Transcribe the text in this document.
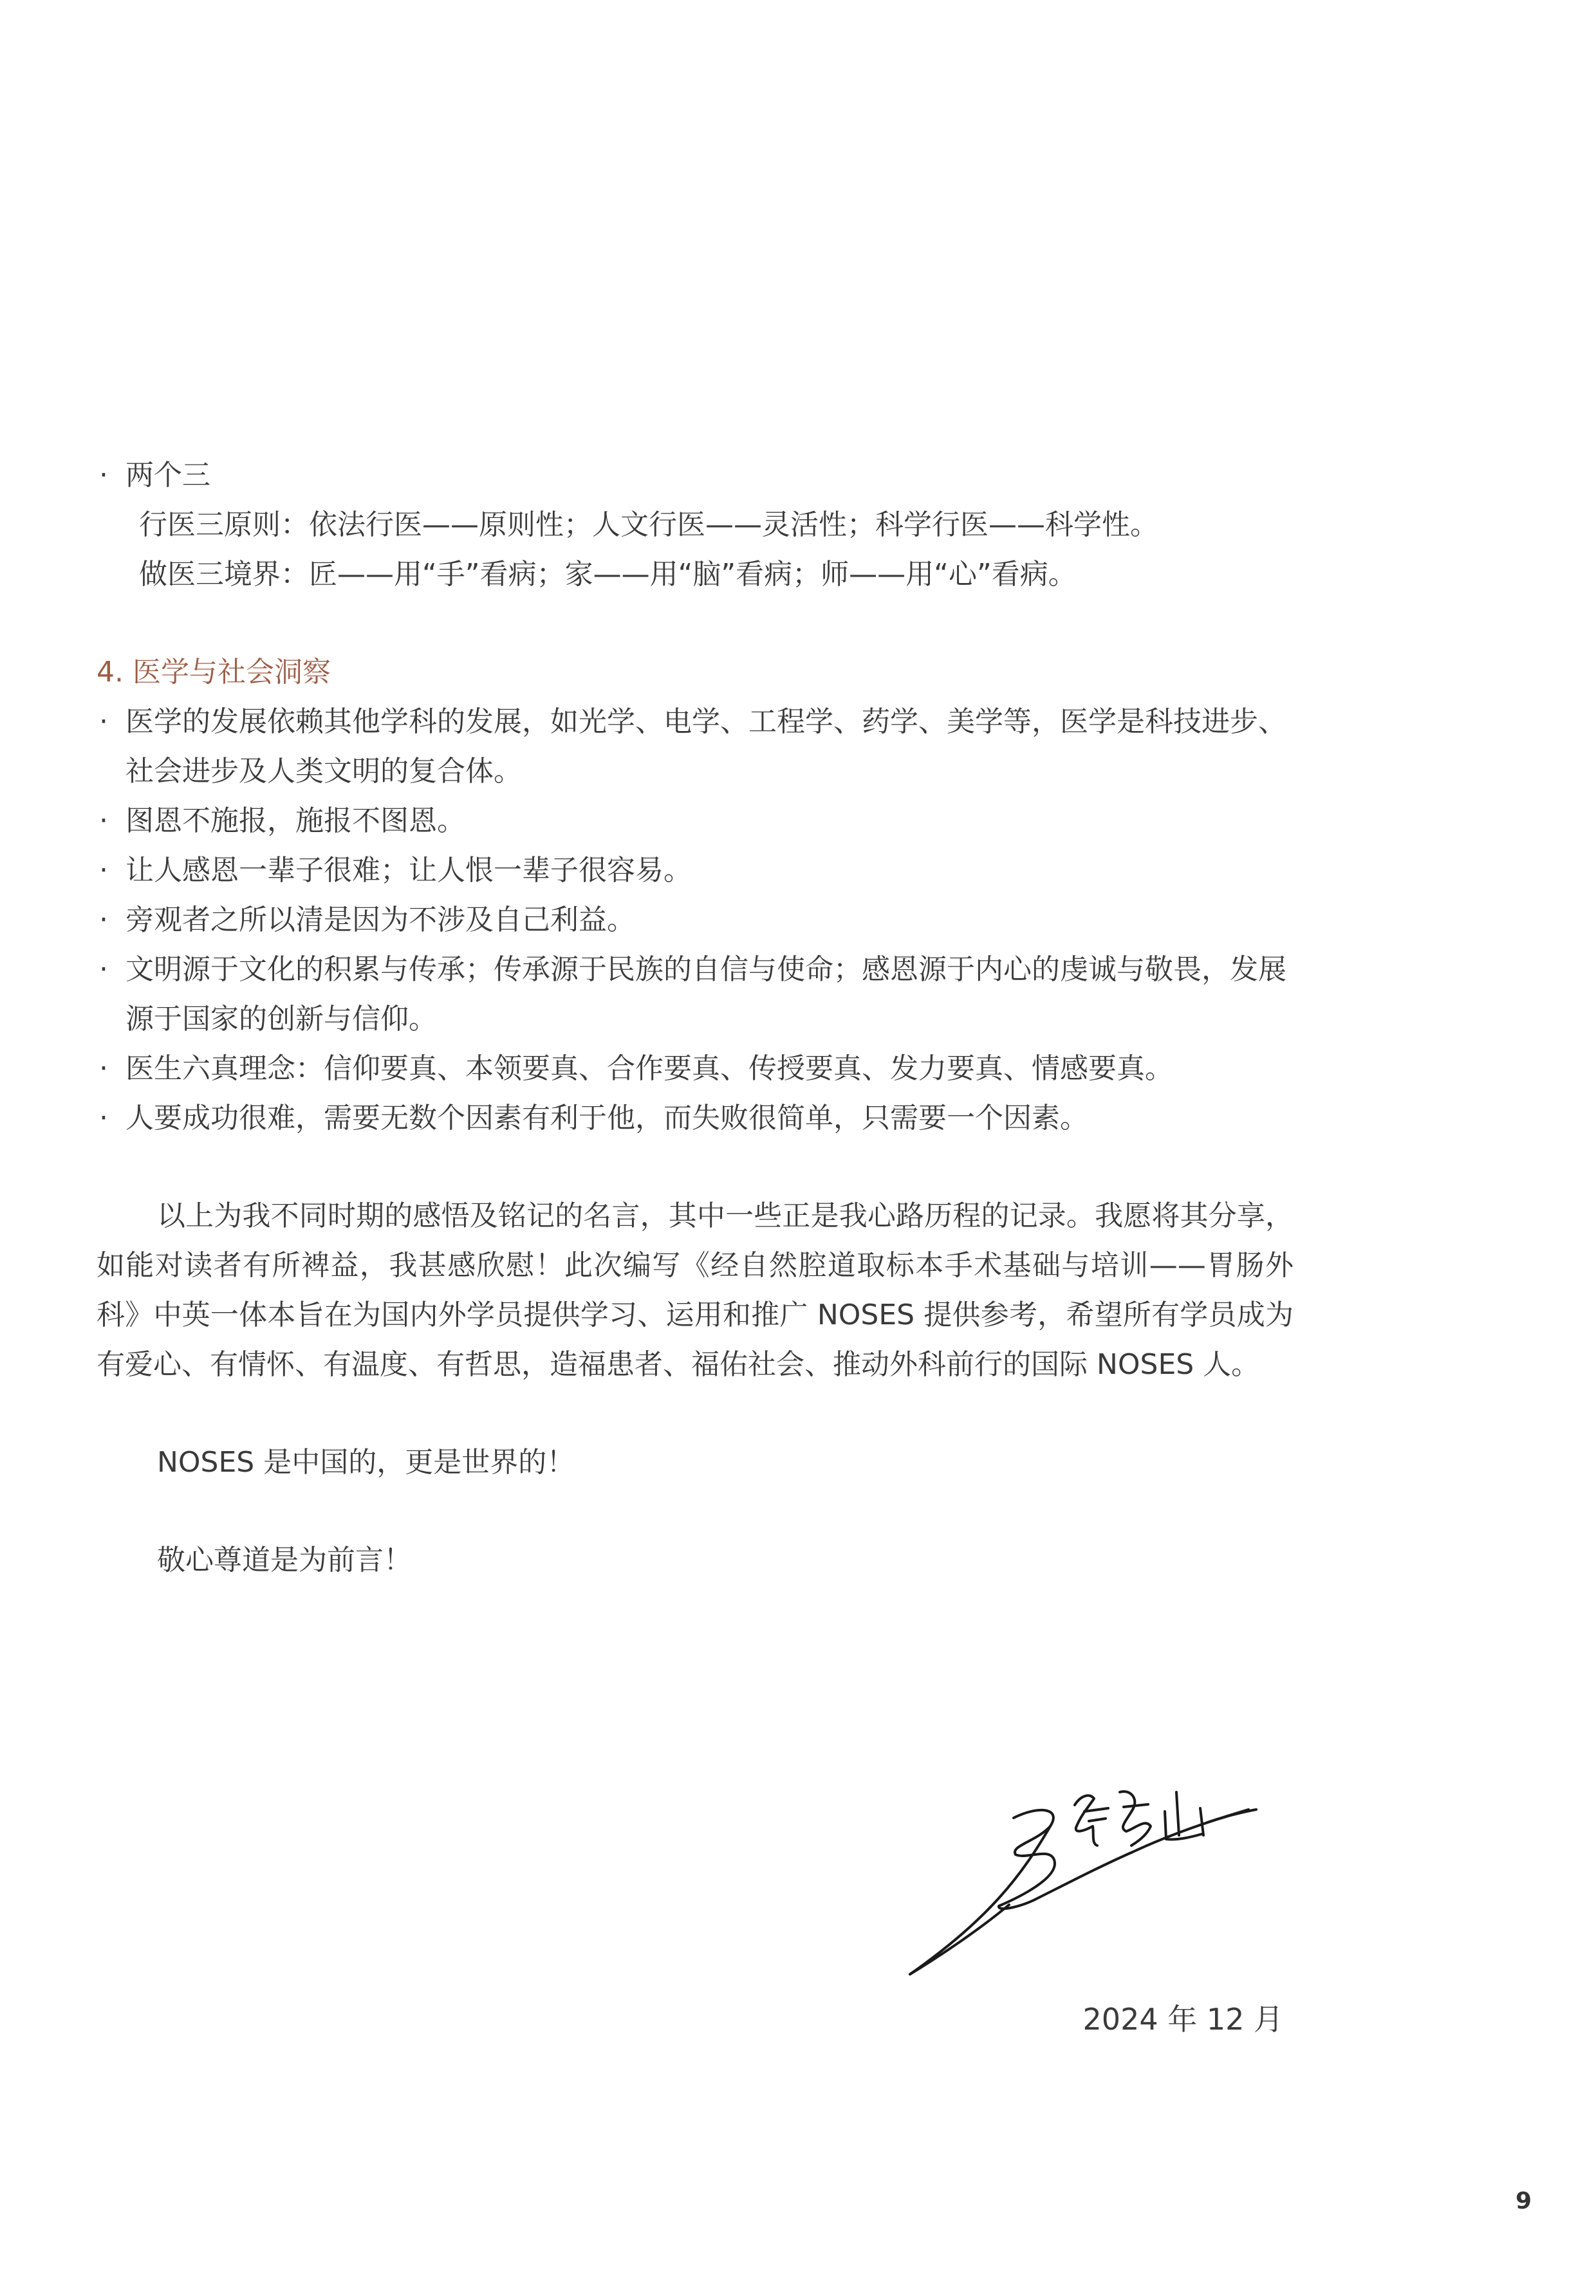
· 两个三
行医三原则：依法行医——原则性；人文行医——灵活性；科学行医——科学性。
做医三境界：匠——用“手”看病；家——用“脑”看病；师——用“心”看病。
4. 医学与社会洞察
· 医学的发展依赖其他学科的发展，如光学、电学、工程学、药学、美学等，医学是科技进步、社会进步及人类文明的复合体。
· 图恩不施报，施报不图恩。
· 让人感恩一辈子很难；让人恨一辈子很容易。
· 旁观者之所以清是因为不涉及自己利益。
· 文明源于文化的积累与传承；传承源于民族的自信与使命；感恩源于内心的虔诚与敬畏，发展源于国家的创新与信仰。
· 医生六真理念：信仰要真、本领要真、合作要真、传授要真、发力要真、情感要真。
· 人要成功很难，需要无数个因素有利于他，而失败很简单，只需要一个因素。
以上为我不同时期的感悟及铭记的名言，其中一些正是我心路历程的记录。我愿将其分享，如能对读者有所裨益，我甚感欣慰！此次编写《经自然腔道取标本手术基础与培训——胃肠外科》中英一体本旨在为国内外学员提供学习、运用和推广 NOSES 提供参考，希望所有学员成为有爱心、有情怀、有温度、有哲思，造福患者、福佑社会、推动外科前行的国际 NOSES 人。
NOSES 是中国的，更是世界的！
敬心尊道是为前言！
2024 年 12 月
9
